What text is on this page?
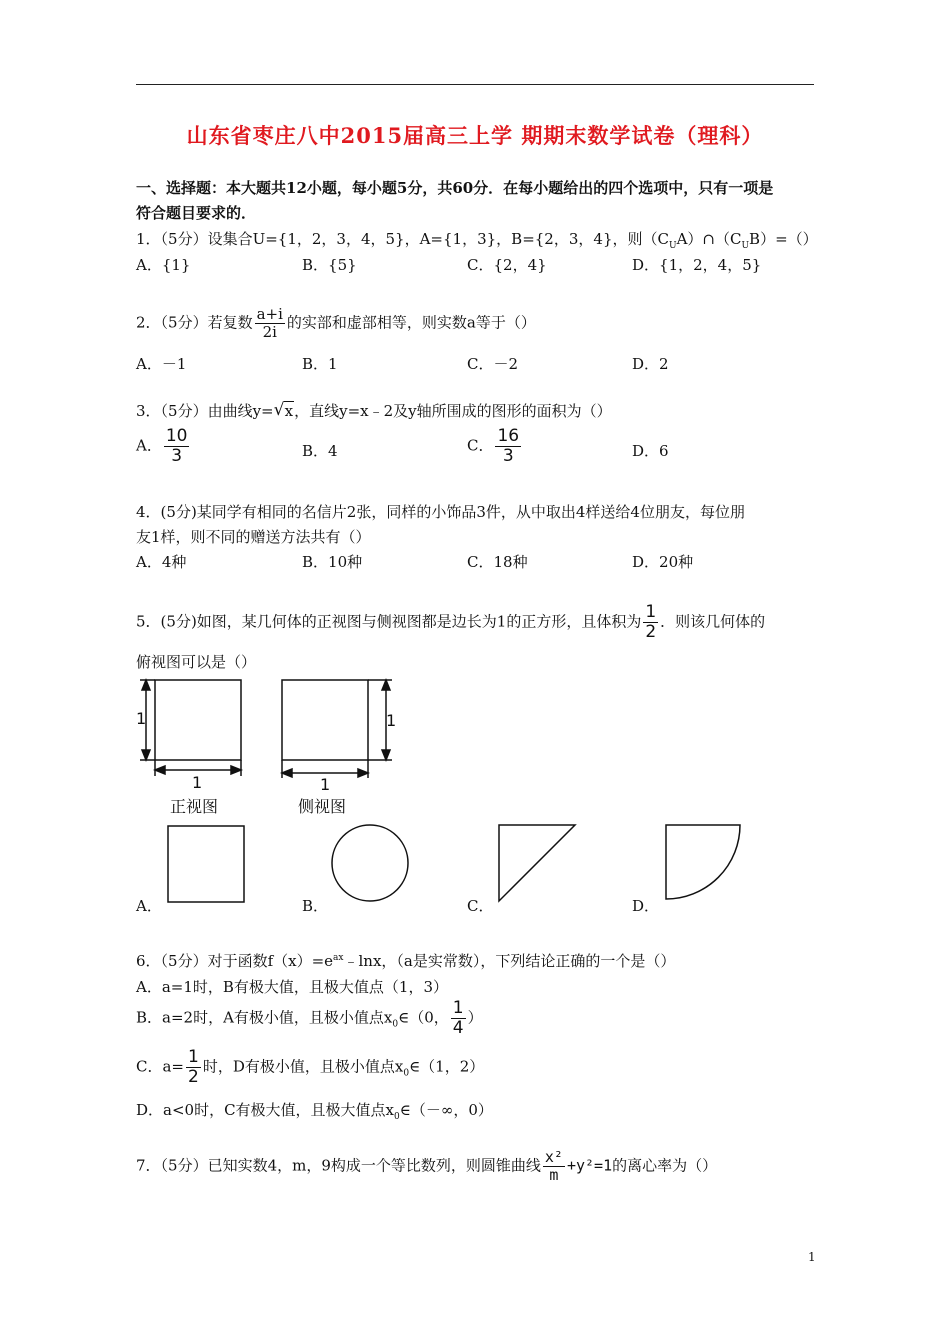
山东省枣庄八中2015届高三上学 期期末数学试卷（理科）
一、选择题：本大题共12小题，每小题5分，共60分．在每小题给出的四个选项中，只有一项是
符合题目要求的．
1．（5分）设集合U={1，2，3，4，5}，A={1，3}，B={2，3，4}，则$(C_UA)\cap(C_UB)=()$
A．{1}	B．{5}	C．{2，4}	D．{1，2，4，5}
2．（5分）若复数 $\frac{a+i}{2i}$ 的实部和虚部相等，则实数a等于（）
A．－1	B．1	C．－2	D．2
3．（5分）由曲线y= √ x，直线y=x﹣2及y轴所围成的图形的面积为（）
A． $\frac{10}{3}$	B．4	C． $\frac{16}{3}$	D．6
4．(5分)某同学有相同的名信片2张，同样的小饰品3件，从中取出4样送给4位朋友，每位朋
友1样，则不同的赠送方法共有（）
A．4种	B．10种	C．18种	D．20种
5．(5分)如图，某几何体的正视图与侧视图都是边长为1的正方形，且体积为 $\frac{1}{2}$ ．则该几何体的
俯视图可以是（）
1
1
1
1
正视图	侧视图
A．	B．	C．	D．
6．（5分）对于函数$f(x)=e^{ax}﹣\ln x$，（a是实常数），下列结论正确的一个是（）
A．a=1时，B有极大值，且极大值点（1，3）
B．a=2时，A有极小值，且极小值点$x_0\in(0$， $\frac{1}{4}$ ）
C．$a= \frac{1}{2}$ 时，D有极小值，且极小值点$x_0\in(1$，2）
D．a<0时，C有极大值，且极大值点$x_0\in(-\infty$，0）
7．（5分）已知实数4，m，9构成一个等比数列，则圆锥曲线 $\frac{\text{x²}}{m} +y^2=1$的离心率为（）
1
